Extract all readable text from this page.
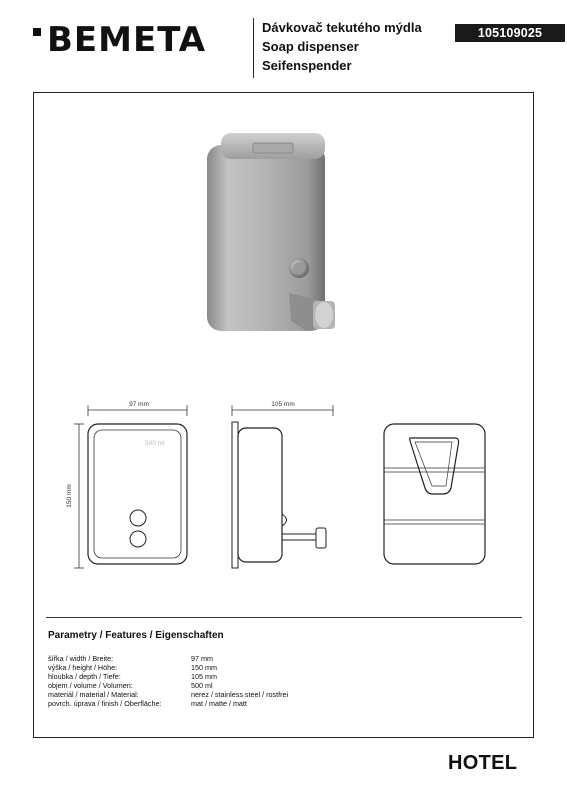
BEMETA	Dávkovač tekutého mýdla
Soap dispenser
Seifenspender
105109025
97 mm
150 mm
500 ml
105 mm
Parametry / Features / Eigenschaften
šířka / width / Breite:	97 mm
výška / height / Höhe:	150 mm
hloubka / depth / Tiefe:	105 mm
objem / volume / Volumen:	500 ml
materiál / material / Material:	nerez / stainless steel / rostfrei
povrch. úprava / finish / Oberfläche:	mat / matte / matt
HOTEL
